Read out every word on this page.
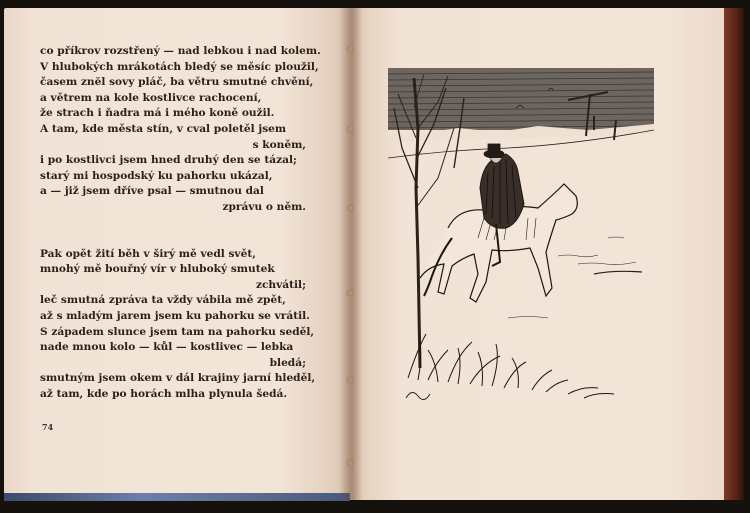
co příkrov rozstřený — nad lebkou i nad kolem.
V hlubokých mrákotách bledý se měsíc ploužil,
časem znĕl sovy pláč, ba větru smutné chvění,
a větrem na kole kostlivce rachocení,
že strach i ňadra má i mého koně oužil.
A tam, kde města stín, v cval poletěl jsem
s koněm,
i po kostlivci jsem hned druhý den se tázal;
starý mi hospodský ku pahorku ukázal,
a — již jsem dříve psal — smutnou dal
zprávu o něm.
Pak opět žití běh v širý mě vedl svět,
mnohý mě bouřný vír v hluboký smutek
zchvátil;
leč smutná zpráva ta vždy vábila mě zpět,
až s mladým jarem jsem ku pahorku se vrátil.
S západem slunce jsem tam na pahorku seděl,
nade mnou kolo — kůl — kostlivec — lebka
bledá;
smutným jsem okem v dál krajiny jarní hleděl,
až tam, kde po horách mlha plynula šedá.
74
